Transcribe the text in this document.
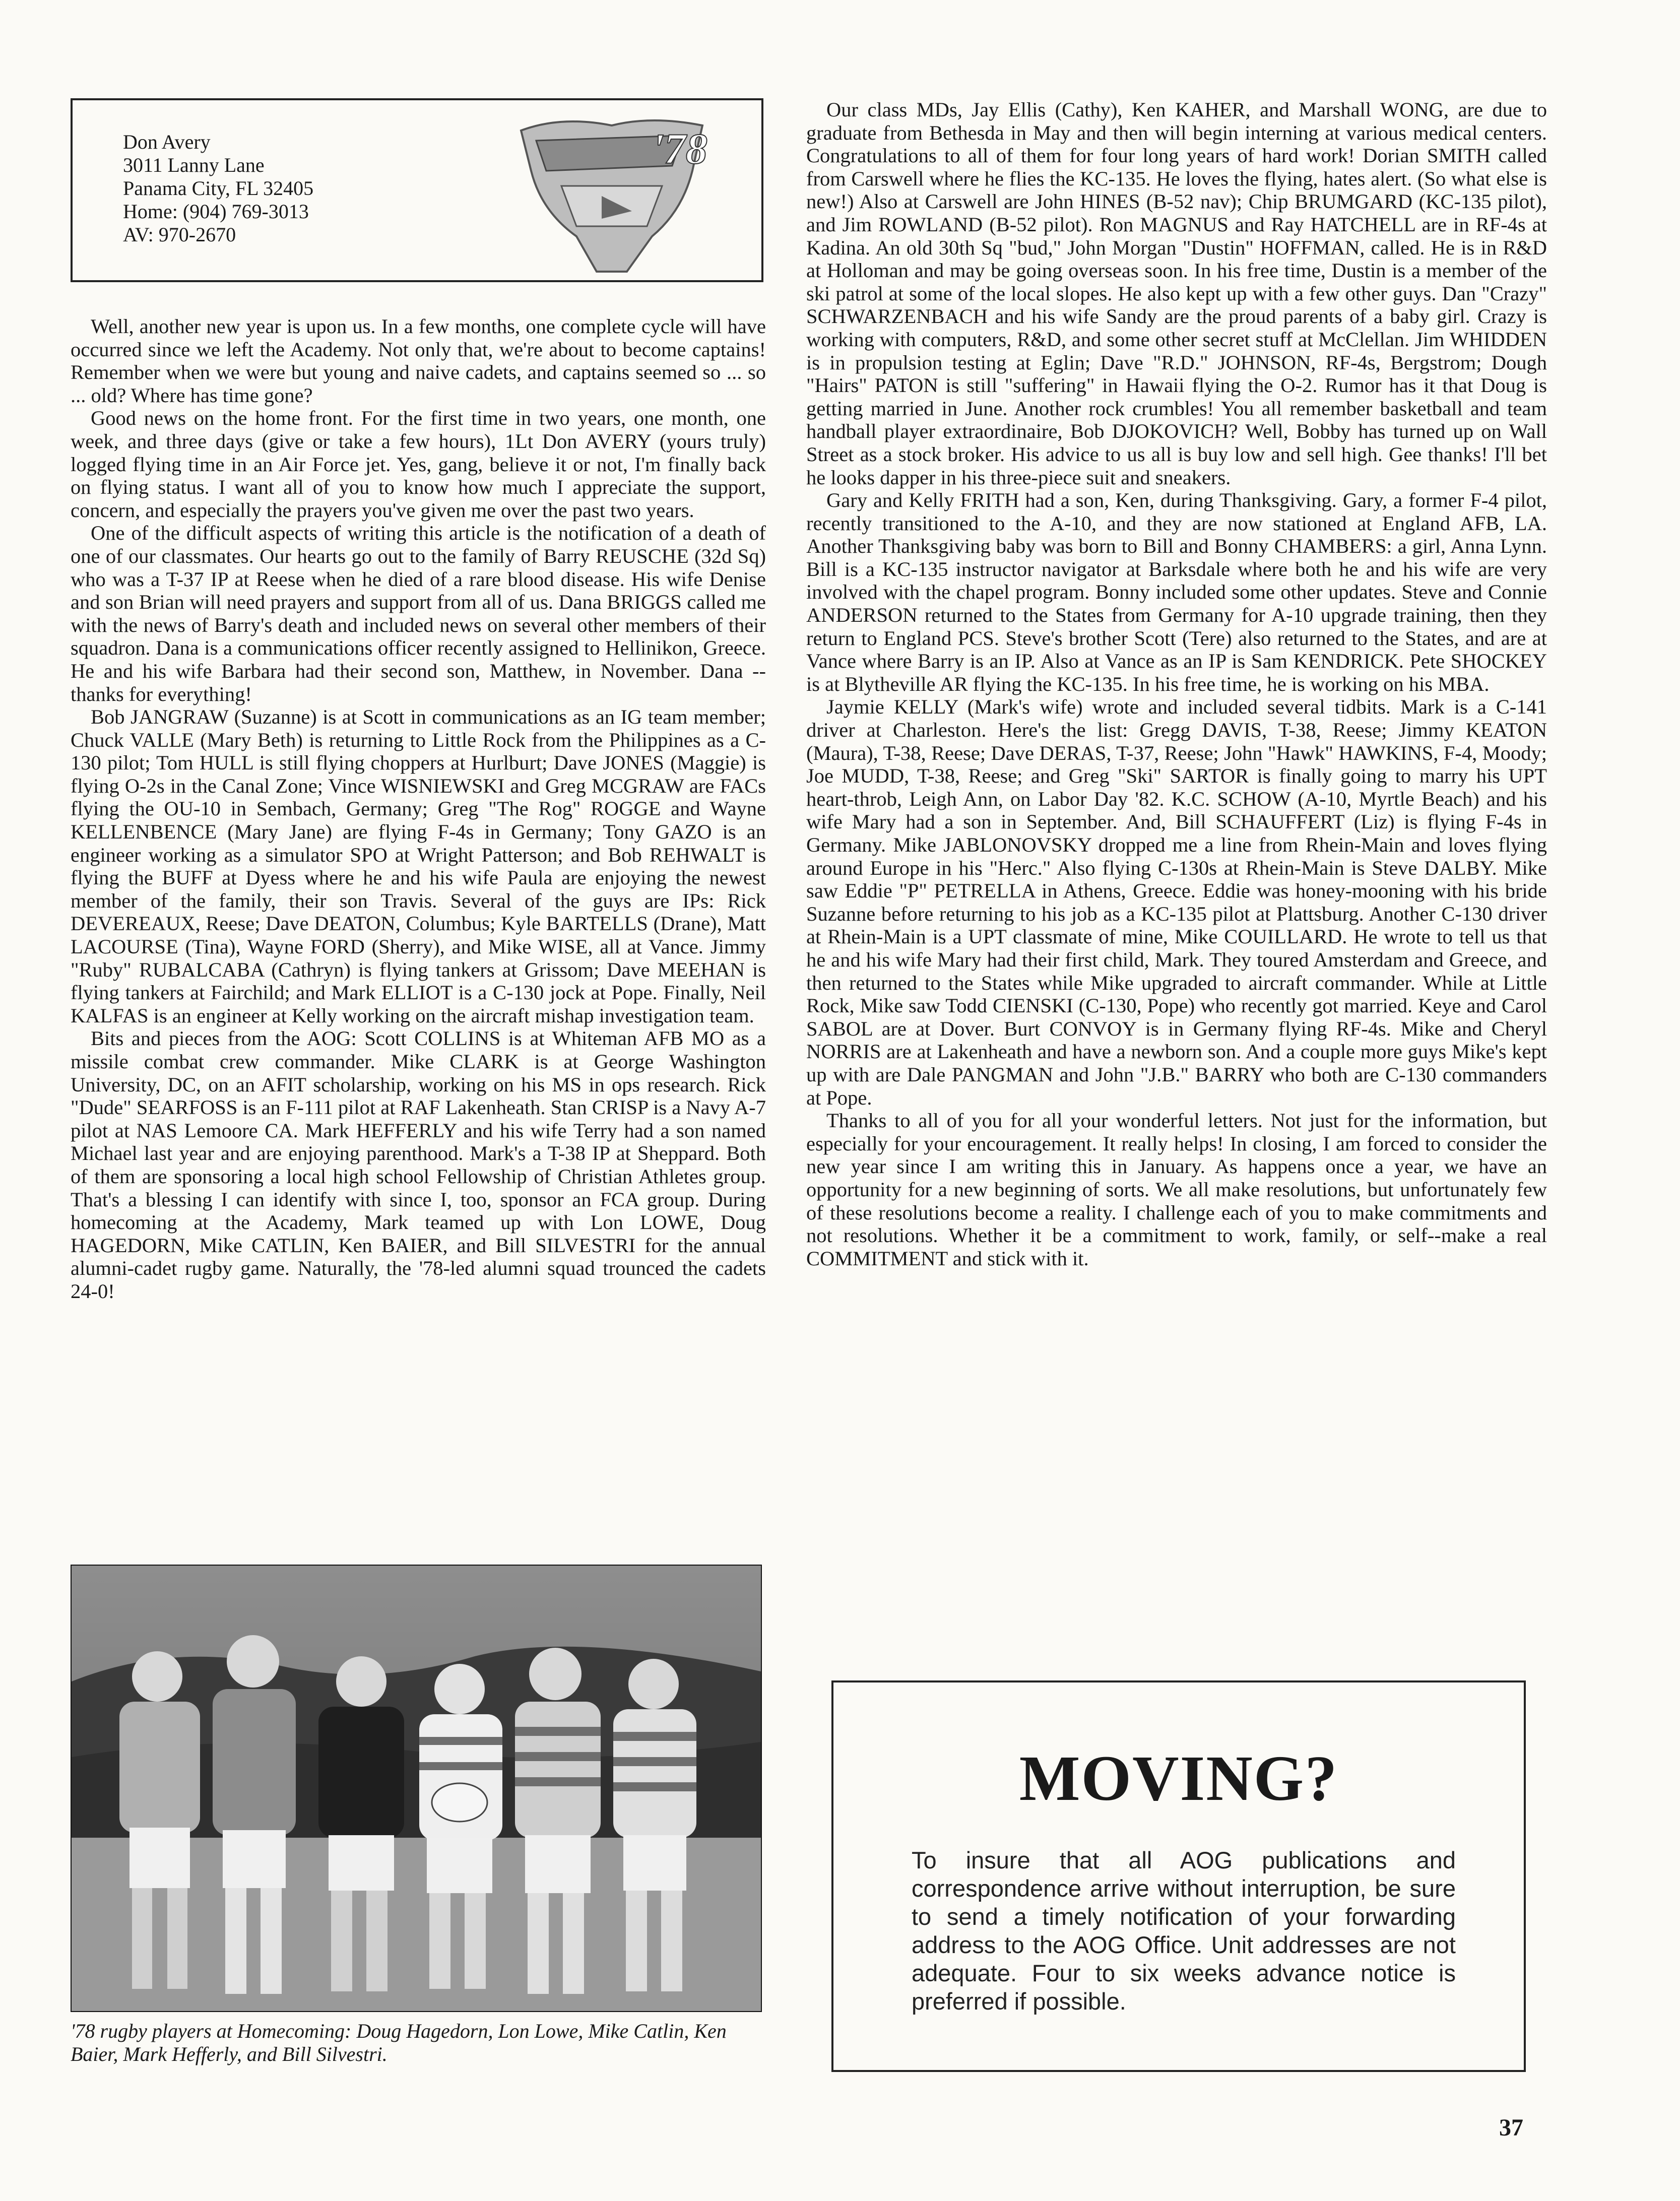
Don Avery
3011 Lanny Lane
Panama City, FL 32405
Home: (904) 769-3013
AV: 970-2670
'78

Well, another new year is upon us. In a few months, one complete cycle will have occurred since we left the Academy. Not only that, we're about to become captains! Remember when we were but young and naive cadets, and captains seemed so ... so ... old? Where has time gone?

Good news on the home front. For the first time in two years, one month, one week, and three days (give or take a few hours), 1Lt Don AVERY (yours truly) logged flying time in an Air Force jet. Yes, gang, believe it or not, I'm finally back on flying status. I want all of you to know how much I appreciate the support, concern, and especially the prayers you've given me over the past two years.

One of the difficult aspects of writing this article is the notification of a death of one of our classmates. Our hearts go out to the family of Barry REUSCHE (32d Sq) who was a T-37 IP at Reese when he died of a rare blood disease. His wife Denise and son Brian will need prayers and support from all of us. Dana BRIGGS called me with the news of Barry's death and included news on several other members of their squadron. Dana is a communications officer recently assigned to Hellinikon, Greece. He and his wife Barbara had their second son, Matthew, in November. Dana -- thanks for everything!

Bob JANGRAW (Suzanne) is at Scott in communications as an IG team member; Chuck VALLE (Mary Beth) is returning to Little Rock from the Philippines as a C-130 pilot; Tom HULL is still flying choppers at Hurlburt; Dave JONES (Maggie) is flying O-2s in the Canal Zone; Vince WISNIEWSKI and Greg MCGRAW are FACs flying the OU-10 in Sembach, Germany; Greg "The Rog" ROGGE and Wayne KELLENBENCE (Mary Jane) are flying F-4s in Germany; Tony GAZO is an engineer working as a simulator SPO at Wright Patterson; and Bob REHWALT is flying the BUFF at Dyess where he and his wife Paula are enjoying the newest member of the family, their son Travis. Several of the guys are IPs: Rick DEVEREAUX, Reese; Dave DEATON, Columbus; Kyle BARTELLS (Drane), Matt LACOURSE (Tina), Wayne FORD (Sherry), and Mike WISE, all at Vance. Jimmy "Ruby" RUBALCABA (Cathryn) is flying tankers at Grissom; Dave MEEHAN is flying tankers at Fairchild; and Mark ELLIOT is a C-130 jock at Pope. Finally, Neil KALFAS is an engineer at Kelly working on the aircraft mishap investigation team.

Bits and pieces from the AOG: Scott COLLINS is at Whiteman AFB MO as a missile combat crew commander. Mike CLARK is at George Washington University, DC, on an AFIT scholarship, working on his MS in ops research. Rick "Dude" SEARFOSS is an F-111 pilot at RAF Lakenheath. Stan CRISP is a Navy A-7 pilot at NAS Lemoore CA. Mark HEFFERLY and his wife Terry had a son named Michael last year and are enjoying parenthood. Mark's a T-38 IP at Sheppard. Both of them are sponsoring a local high school Fellowship of Christian Athletes group. That's a blessing I can identify with since I, too, sponsor an FCA group. During homecoming at the Academy, Mark teamed up with Lon LOWE, Doug HAGEDORN, Mike CATLIN, Ken BAIER, and Bill SILVESTRI for the annual alumni-cadet rugby game. Naturally, the '78-led alumni squad trounced the cadets 24-0!

'78 rugby players at Homecoming: Doug Hagedorn, Lon Lowe, Mike Catlin, Ken Baier, Mark Hefferly, and Bill Silvestri.

Our class MDs, Jay Ellis (Cathy), Ken KAHER, and Marshall WONG, are due to graduate from Bethesda in May and then will begin interning at various medical centers. Congratulations to all of them for four long years of hard work! Dorian SMITH called from Carswell where he flies the KC-135. He loves the flying, hates alert. (So what else is new!) Also at Carswell are John HINES (B-52 nav); Chip BRUMGARD (KC-135 pilot), and Jim ROWLAND (B-52 pilot). Ron MAGNUS and Ray HATCHELL are in RF-4s at Kadina. An old 30th Sq "bud," John Morgan "Dustin" HOFFMAN, called. He is in R&D at Holloman and may be going overseas soon. In his free time, Dustin is a member of the ski patrol at some of the local slopes. He also kept up with a few other guys. Dan "Crazy" SCHWARZENBACH and his wife Sandy are the proud parents of a baby girl. Crazy is working with computers, R&D, and some other secret stuff at McClellan. Jim WHIDDEN is in propulsion testing at Eglin; Dave "R.D." JOHNSON, RF-4s, Bergstrom; Dough "Hairs" PATON is still "suffering" in Hawaii flying the O-2. Rumor has it that Doug is getting married in June. Another rock crumbles! You all remember basketball and team handball player extraordinaire, Bob DJOKOVICH? Well, Bobby has turned up on Wall Street as a stock broker. His advice to us all is buy low and sell high. Gee thanks! I'll bet he looks dapper in his three-piece suit and sneakers.

Gary and Kelly FRITH had a son, Ken, during Thanksgiving. Gary, a former F-4 pilot, recently transitioned to the A-10, and they are now stationed at England AFB, LA. Another Thanksgiving baby was born to Bill and Bonny CHAMBERS: a girl, Anna Lynn. Bill is a KC-135 instructor navigator at Barksdale where both he and his wife are very involved with the chapel program. Bonny included some other updates. Steve and Connie ANDERSON returned to the States from Germany for A-10 upgrade training, then they return to England PCS. Steve's brother Scott (Tere) also returned to the States, and are at Vance where Barry is an IP. Also at Vance as an IP is Sam KENDRICK. Pete SHOCKEY is at Blytheville AR flying the KC-135. In his free time, he is working on his MBA.

Jaymie KELLY (Mark's wife) wrote and included several tidbits. Mark is a C-141 driver at Charleston. Here's the list: Gregg DAVIS, T-38, Reese; Jimmy KEATON (Maura), T-38, Reese; Dave DERAS, T-37, Reese; John "Hawk" HAWKINS, F-4, Moody; Joe MUDD, T-38, Reese; and Greg "Ski" SARTOR is finally going to marry his UPT heart-throb, Leigh Ann, on Labor Day '82. K.C. SCHOW (A-10, Myrtle Beach) and his wife Mary had a son in September. And, Bill SCHAUFFERT (Liz) is flying F-4s in Germany. Mike JABLONOVSKY dropped me a line from Rhein-Main and loves flying around Europe in his "Herc." Also flying C-130s at Rhein-Main is Steve DALBY. Mike saw Eddie "P" PETRELLA in Athens, Greece. Eddie was honey-mooning with his bride Suzanne before returning to his job as a KC-135 pilot at Plattsburg. Another C-130 driver at Rhein-Main is a UPT classmate of mine, Mike COUILLARD. He wrote to tell us that he and his wife Mary had their first child, Mark. They toured Amsterdam and Greece, and then returned to the States while Mike upgraded to aircraft commander. While at Little Rock, Mike saw Todd CIENSKI (C-130, Pope) who recently got married. Keye and Carol SABOL are at Dover. Burt CONVOY is in Germany flying RF-4s. Mike and Cheryl NORRIS are at Lakenheath and have a newborn son. And a couple more guys Mike's kept up with are Dale PANGMAN and John "J.B." BARRY who both are C-130 commanders at Pope.

Thanks to all of you for all your wonderful letters. Not just for the information, but especially for your encouragement. It really helps! In closing, I am forced to consider the new year since I am writing this in January. As happens once a year, we have an opportunity for a new beginning of sorts. We all make resolutions, but unfortunately few of these resolutions become a reality. I challenge each of you to make commitments and not resolutions. Whether it be a commitment to work, family, or self--make a real COMMITMENT and stick with it.

MOVING?
To insure that all AOG publications and correspondence arrive without interruption, be sure to send a timely notification of your forwarding address to the AOG Office. Unit addresses are not adequate. Four to six weeks advance notice is preferred if possible.
37
